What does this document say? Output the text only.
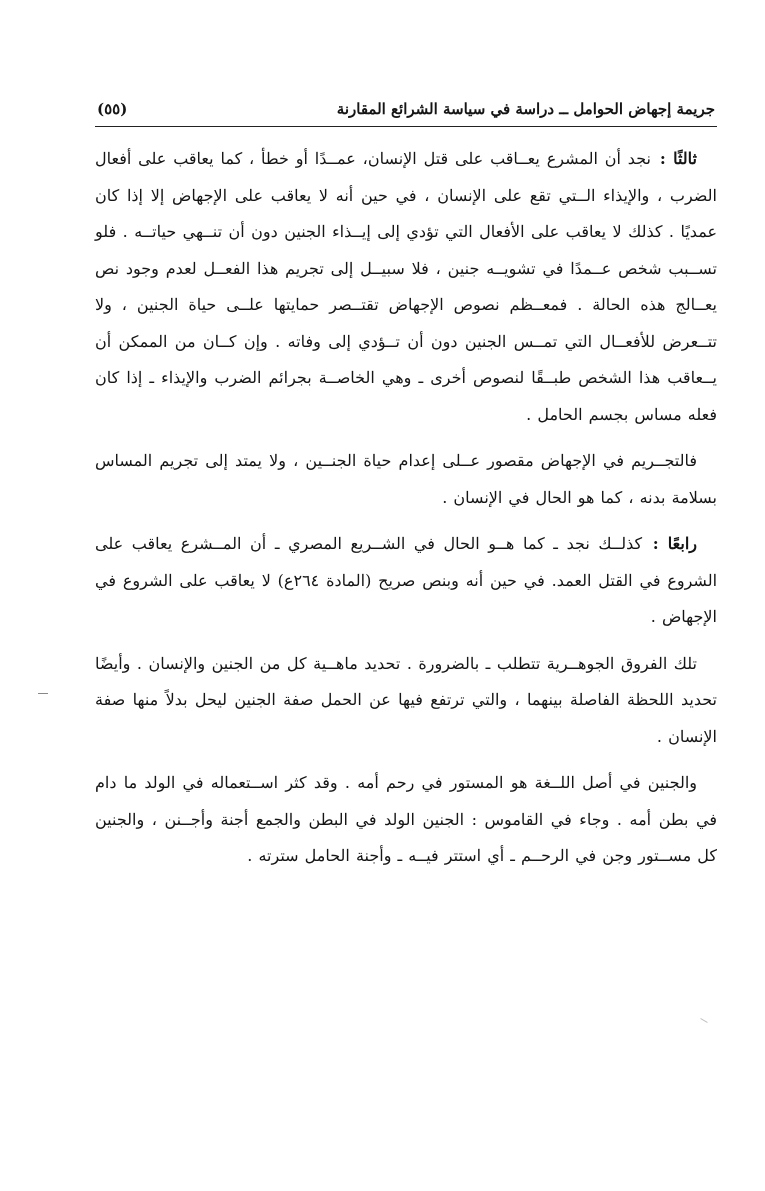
جريمة إجهاض الحوامل ــ دراسة في سياسة الشرائع المقارنة
(٥٥)

ثالثًا : نجد أن المشرع يعــاقب على قتل الإنسان، عمــدًا أو خطأ ، كما يعاقب على أفعال الضرب ، والإيذاء الــتي تقع على الإنسان ، في حين أنه لا يعاقب على الإجهاض إلا إذا كان عمديًا . كذلك لا يعاقب على الأفعال التي تؤدي إلى إيــذاء الجنين دون أن تنــهي حياتــه . فلو تســبب شخص عــمدًا في تشويــه جنين ، فلا سبيــل إلى تجريم هذا الفعــل لعدم وجود نص يعــالج هذه الحالة . فمعــظم نصوص الإجهاض تقتــصر حمايتها علــى حياة الجنين ، ولا تتــعرض للأفعــال التي تمــس الجنين دون أن تــؤدي إلى وفاته . وإن كــان من الممكن أن يــعاقب هذا الشخص طبــقًا لنصوص أخرى ـ وهي الخاصــة بجرائم الضرب والإيذاء ـ إذا كان فعله مساس بجسم الحامل .

فالتجــريم في الإجهاض مقصور عــلى إعدام حياة الجنــين ، ولا يمتد إلى تجريم المساس بسلامة بدنه ، كما هو الحال في الإنسان .

رابعًا : كذلــك نجد ـ كما هــو الحال في الشــريع المصري ـ أن المــشرع يعاقب على الشروع في القتل العمد. في حين أنه وبنص صريح (المادة ٢٦٤ع) لا يعاقب على الشروع في الإجهاض .

تلك الفروق الجوهــرية تتطلب ـ بالضرورة . تحديد ماهــية كل من الجنين والإنسان . وأيضًا تحديد اللحظة الفاصلة بينهما ، والتي ترتفع فيها عن الحمل صفة الجنين ليحل بدلاً منها صفة الإنسان .

والجنين في أصل اللــغة هو المستور في رحم أمه . وقد كثر اســتعماله في الولد ما دام في بطن أمه . وجاء في القاموس : الجنين الولد في البطن والجمع أجنة وأجــنن ، والجنين كل مســتور وجن في الرحــم ـ أي استتر فيــه ـ وأجنة الحامل سترته .
